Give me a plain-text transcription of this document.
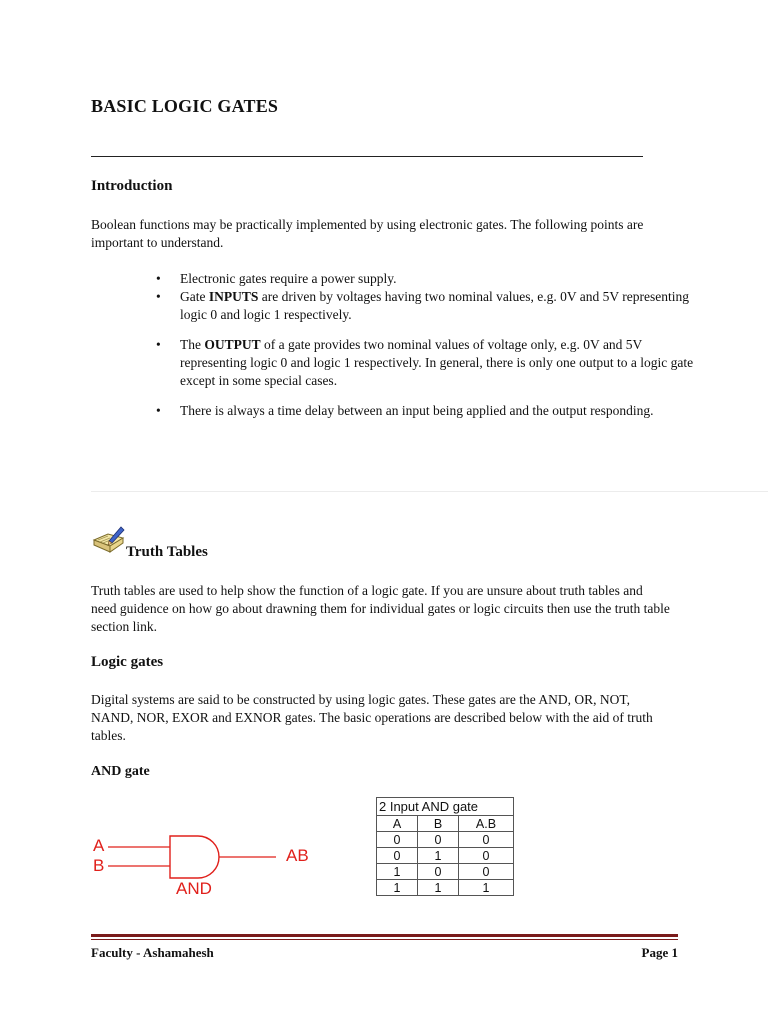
BASIC LOGIC GATES
Introduction
Boolean functions may be practically implemented by using electronic gates. The following points are important to understand.
• Electronic gates require a power supply.
• Gate INPUTS are driven by voltages having two nominal values, e.g. 0V and 5V representing logic 0 and logic 1 respectively.
• The OUTPUT of a gate provides two nominal values of voltage only, e.g. 0V and 5V representing logic 0 and logic 1 respectively. In general, there is only one output to a logic gate except in some special cases.
• There is always a time delay between an input being applied and the output responding.
Truth Tables
Truth tables are used to help show the function of a logic gate. If you are unsure about truth tables and need guidence on how go about drawning them for individual gates or logic circuits then use the truth table section link.
Logic gates
Digital systems are said to be constructed by using logic gates. These gates are the AND, OR, NOT, NAND, NOR, EXOR and EXNOR gates. The basic operations are described below with the aid of truth tables.
AND gate
A
B
AB
AND
2 Input AND gate		
A	B	A.B
0	0	0
0	1	0
1	0	0
1	1	1
Faculty - Ashamahesh	Page 1
